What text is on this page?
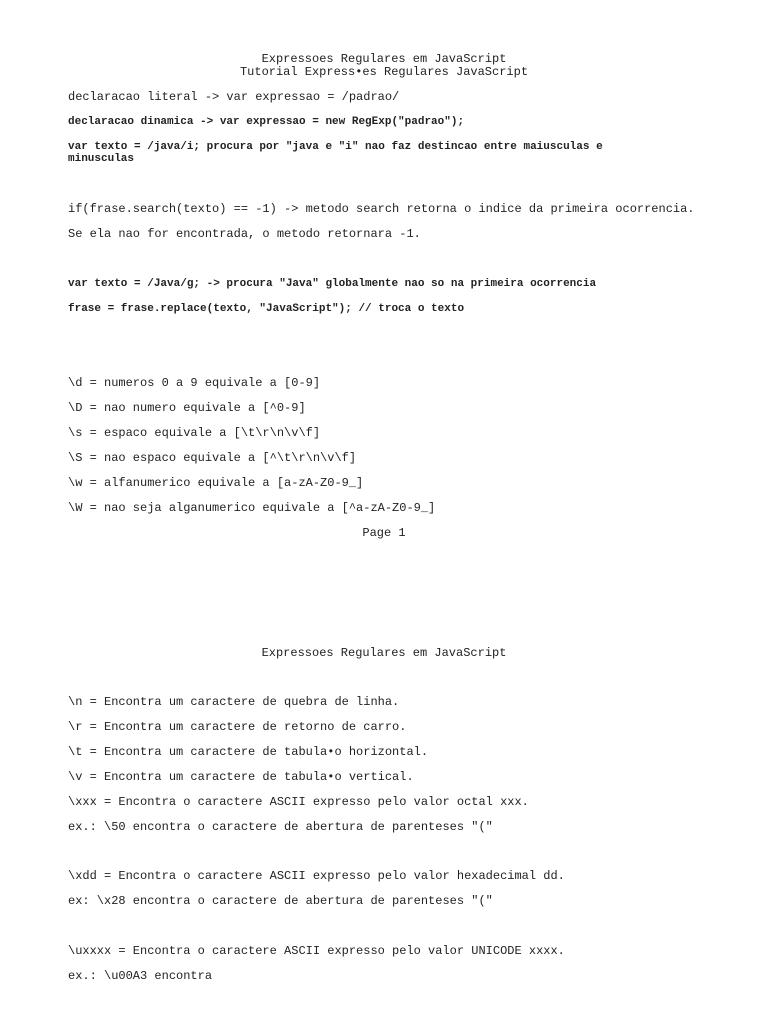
Expressoes Regulares em JavaScript
Tutorial Express•es Regulares JavaScript
declaracao literal -> var expressao = /padrao/
declaracao dinamica -> var expressao = new RegExp("padrao");
var texto = /java/i; procura por "java e "i" nao faz destincao entre maiusculas e
minusculas
if(frase.search(texto) == -1) -> metodo search retorna o indice da primeira ocorrencia.
Se ela nao for encontrada, o metodo retornara -1.
var texto = /Java/g; -> procura "Java" globalmente nao so na primeira ocorrencia
frase = frase.replace(texto, "JavaScript"); // troca o texto
\d = numeros 0 a 9 equivale a [0-9]
\D = nao numero equivale a [^0-9]
\s = espaco equivale a [\t\r\n\v\f]
\S = nao espaco equivale a [^\t\r\n\v\f]
\w = alfanumerico equivale a [a-zA-Z0-9_]
\W = nao seja alganumerico equivale a [^a-zA-Z0-9_]
Page 1
Expressoes Regulares em JavaScript
\n = Encontra um caractere de quebra de linha.
\r = Encontra um caractere de retorno de carro.
\t = Encontra um caractere de tabula•o horizontal.
\v = Encontra um caractere de tabula•o vertical.
\xxx = Encontra o caractere ASCII expresso pelo valor octal xxx.
ex.: \50 encontra o caractere de abertura de parenteses "("
\xdd = Encontra o caractere ASCII expresso pelo valor hexadecimal dd.
ex: \x28 encontra o caractere de abertura de parenteses "("
\uxxxx = Encontra o caractere ASCII expresso pelo valor UNICODE xxxx.
ex.: \u00A3 encontra
